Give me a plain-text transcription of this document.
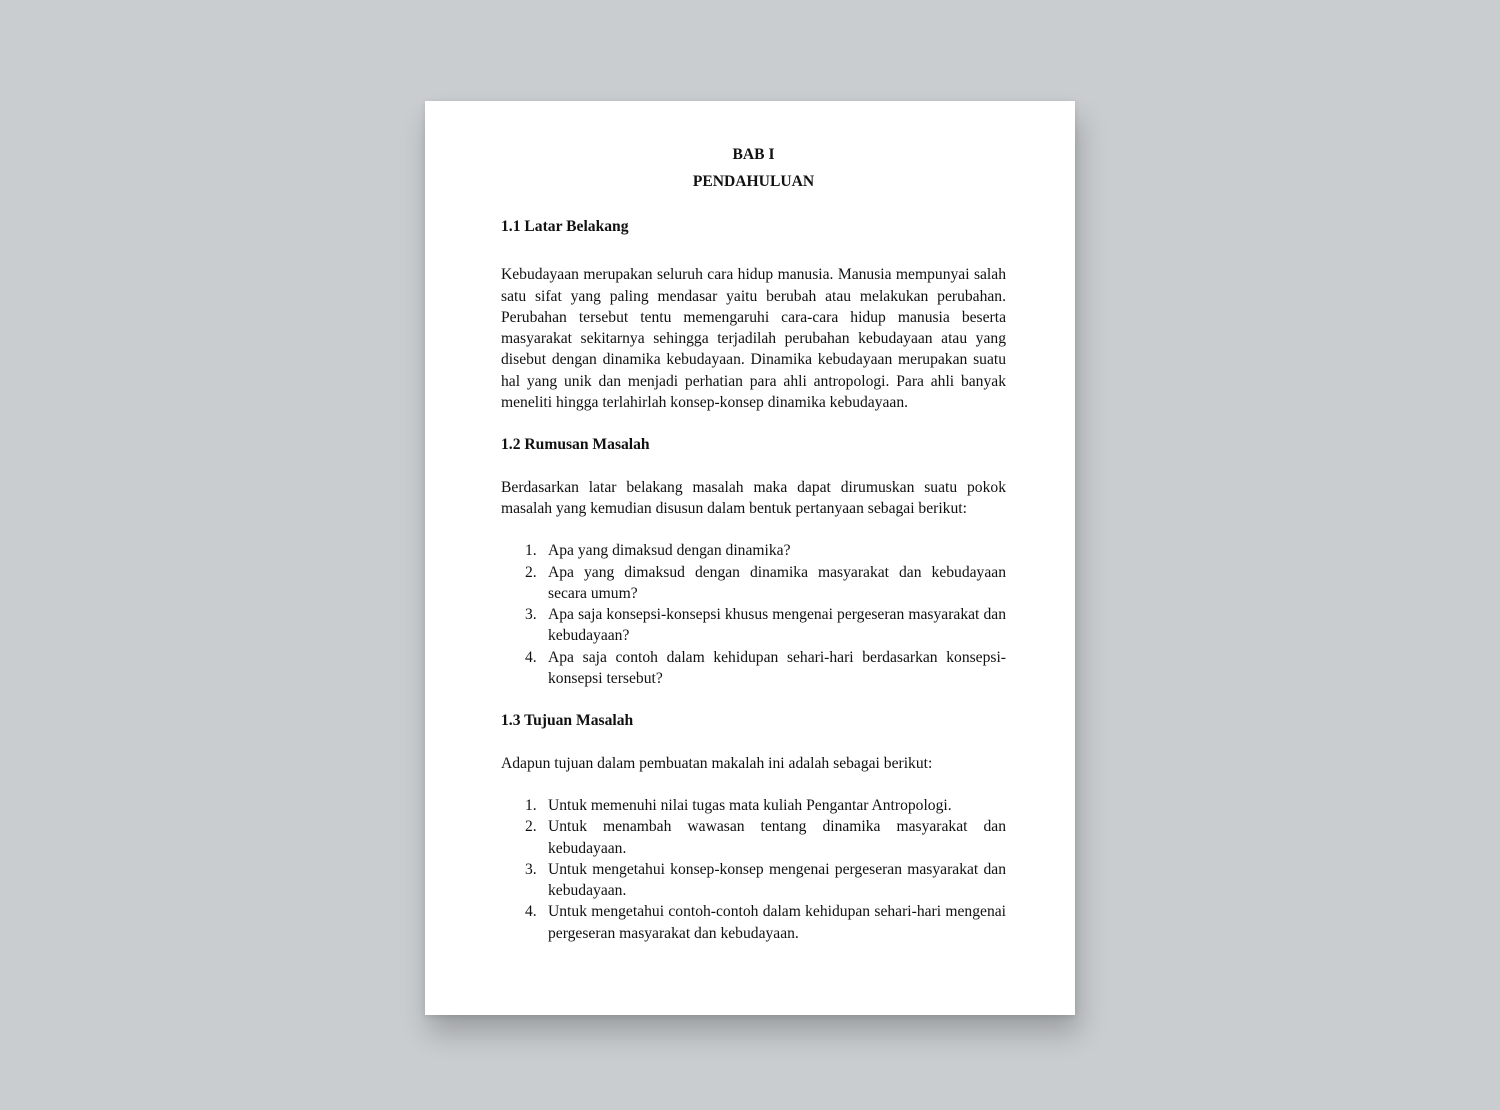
BAB I
PENDAHULUAN
1.1 Latar Belakang

Kebudayaan merupakan seluruh cara hidup manusia. Manusia mempunyai salah satu sifat yang paling mendasar yaitu berubah atau melakukan perubahan. Perubahan tersebut tentu memengaruhi cara-cara hidup manusia beserta masyarakat sekitarnya sehingga terjadilah perubahan kebudayaan atau yang disebut dengan dinamika kebudayaan. Dinamika kebudayaan merupakan suatu hal yang unik dan menjadi perhatian para ahli antropologi. Para ahli banyak meneliti hingga terlahirlah konsep-konsep dinamika kebudayaan.

1.2 Rumusan Masalah

Berdasarkan latar belakang masalah maka dapat dirumuskan suatu pokok masalah yang kemudian disusun dalam bentuk pertanyaan sebagai berikut:

1. Apa yang dimaksud dengan dinamika?
2. Apa yang dimaksud dengan dinamika masyarakat dan kebudayaan secara umum?
3. Apa saja konsepsi-konsepsi khusus mengenai pergeseran masyarakat dan kebudayaan?
4. Apa saja contoh dalam kehidupan sehari-hari berdasarkan konsepsi-konsepsi tersebut?
1.3 Tujuan Masalah

Adapun tujuan dalam pembuatan makalah ini adalah sebagai berikut:

1. Untuk memenuhi nilai tugas mata kuliah Pengantar Antropologi.
2. Untuk menambah wawasan tentang dinamika masyarakat dan kebudayaan.
3. Untuk mengetahui konsep-konsep mengenai pergeseran masyarakat dan kebudayaan.
4. Untuk mengetahui contoh-contoh dalam kehidupan sehari-hari mengenai pergeseran masyarakat dan kebudayaan.
